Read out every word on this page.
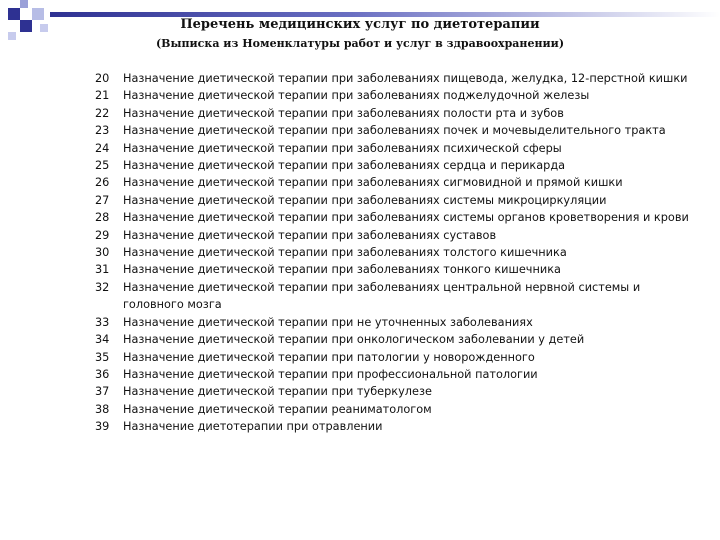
Перечень медицинских услуг по диетотерапии
(Выписка из Номенклатуры работ и услуг в здравоохранении)
20	Назначение диетической терапии при заболеваниях пищевода, желудка, 12-перстной кишки
21	Назначение диетической терапии при заболеваниях поджелудочной железы
22	Назначение диетической терапии при заболеваниях полости рта и зубов
23	Назначение диетической терапии при заболеваниях почек и мочевыделительного тракта
24	Назначение диетической терапии при заболеваниях психической сферы
25	Назначение диетической терапии при заболеваниях сердца и перикарда
26	Назначение диетической терапии при заболеваниях сигмовидной и прямой кишки
27	Назначение диетической терапии при заболеваниях системы микроциркуляции
28	Назначение диетической терапии при заболеваниях системы органов кроветворения и крови
29	Назначение диетической терапии при заболеваниях суставов
30	Назначение диетической терапии при заболеваниях толстого кишечника
31	Назначение диетической терапии при заболеваниях тонкого кишечника
32	Назначение диетической терапии при заболеваниях центральной нервной системы и головного мозга
33	Назначение диетической терапии при не уточненных заболеваниях
34	Назначение диетической терапии при онкологическом заболевании у детей
35	Назначение диетической терапии при патологии у новорожденного
36	Назначение диетической терапии при профессиональной патологии
37	Назначение диетической терапии при туберкулезе
38	Назначение диетической терапии реаниматологом
39	Назначение диетотерапии при отравлении
